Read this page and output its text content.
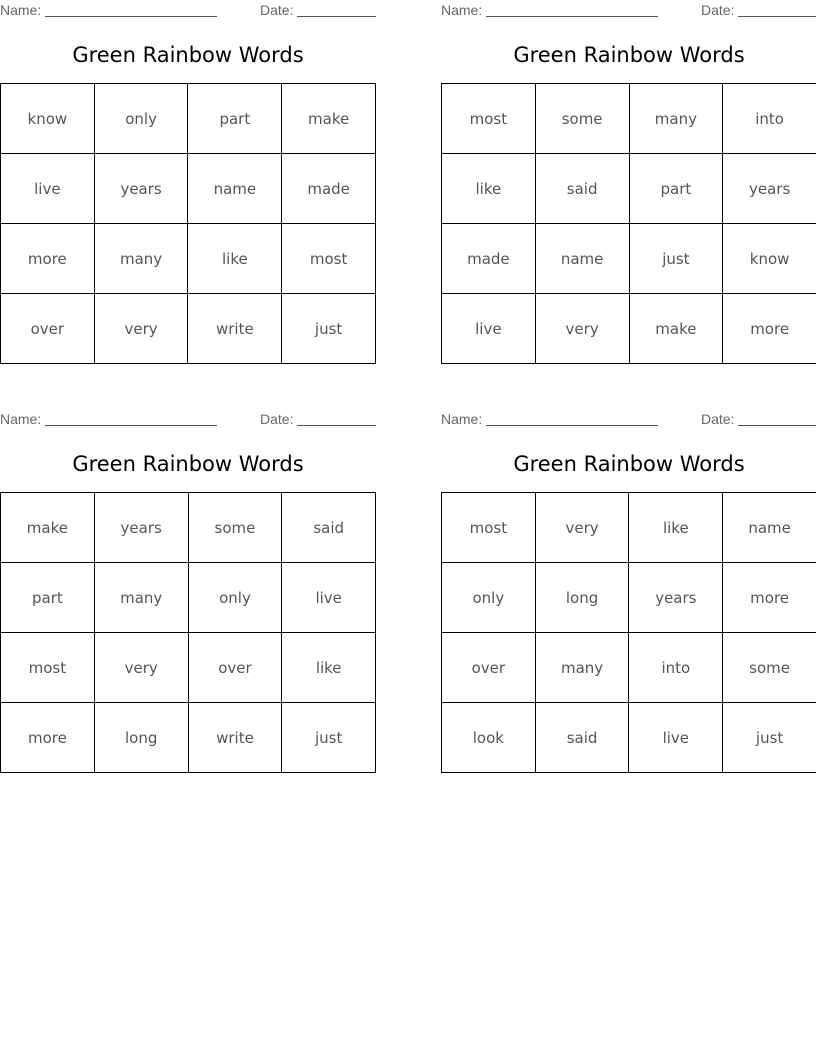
Name:	Date:
Green Rainbow Words
know	only	part	make
live	years	name	made
more	many	like	most
over	very	write	just
Name:	Date:
Green Rainbow Words
most	some	many	into
like	said	part	years
made	name	just	know
live	very	make	more
Name:	Date:
Green Rainbow Words
make	years	some	said
part	many	only	live
most	very	over	like
more	long	write	just
Name:	Date:
Green Rainbow Words
most	very	like	name
only	long	years	more
over	many	into	some
look	said	live	just
